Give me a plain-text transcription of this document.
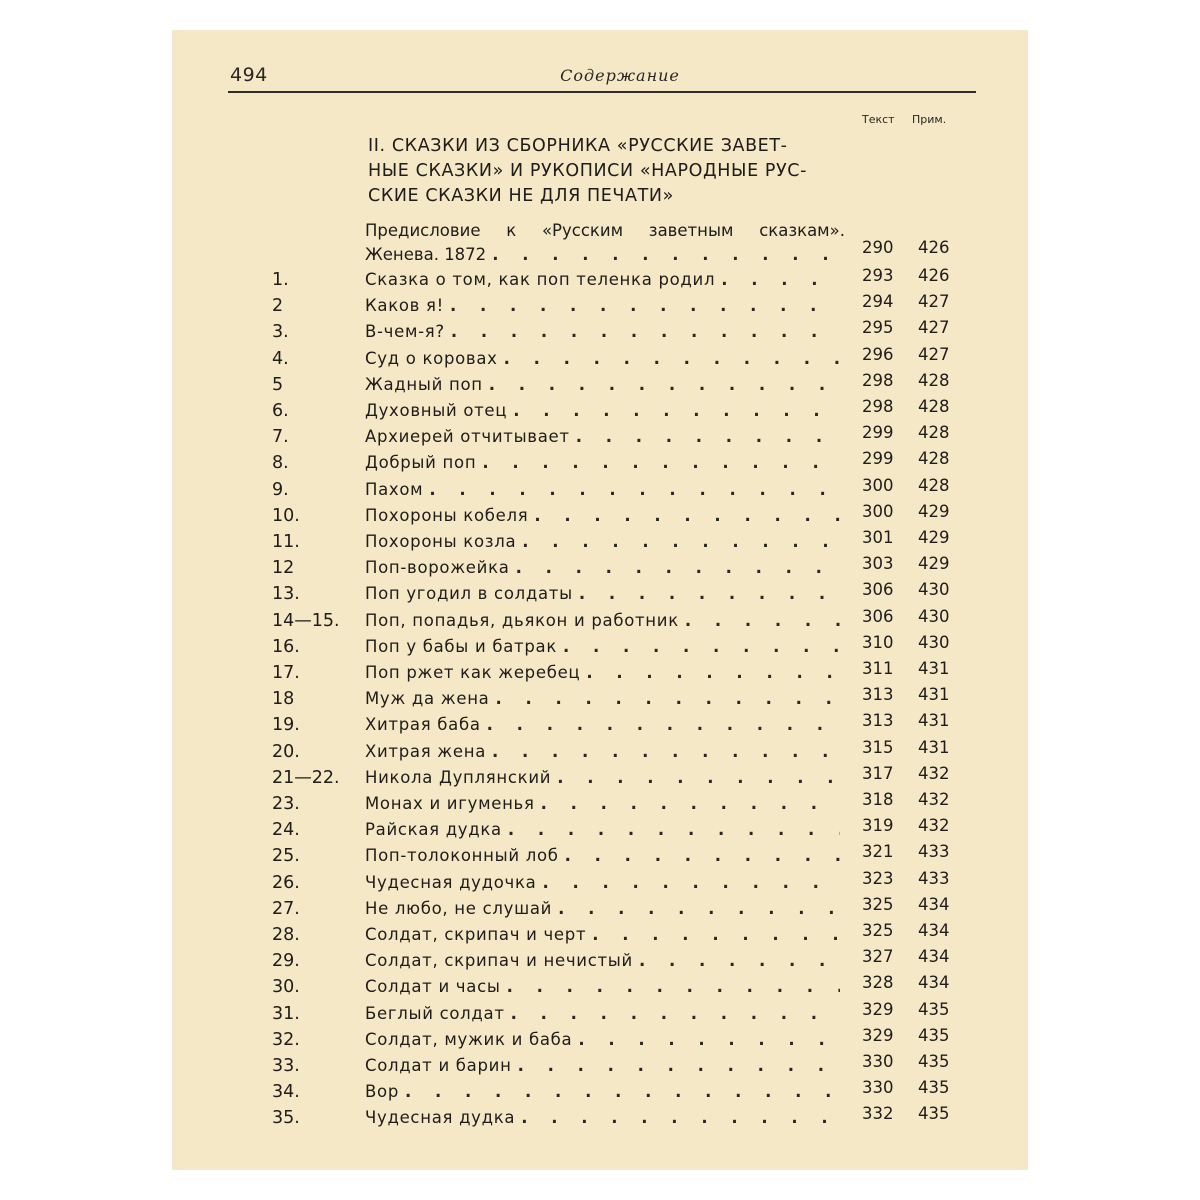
494	Содержание
Текст Прим.
II. СКАЗКИ ИЗ СБОРНИКА «РУССКИЕ ЗАВЕТ-
НЫЕ СКАЗКИ» И РУКОПИСИ «НАРОДНЫЕ РУС-
СКИЕ СКАЗКИ НЕ ДЛЯ ПЕЧАТИ»
Предисловие к «Русским заветным сказкам».
Женева. 1872 . . .	290 426
1.	Сказка о том, как поп теленка родил . . .	293 426
2	Каков я! . . .	294 427
3.	В-чем-я? . . .	295 427
4.	Суд о коровах . . .	296 427
5	Жадный поп . . .	298 428
6.	Духовный отец . . .	298 428
7.	Архиерей отчитывает . . .	299 428
8.	Добрый поп . . .	299 428
9.	Пахом . . .	300 428
10.	Похороны кобеля . . .	300 429
11.	Похороны козла . . .	301 429
12	Поп-ворожейка . . .	303 429
13.	Поп угодил в солдаты . . .	306 430
14—15. Поп, попадья, дьякон и работник . . .	306 430
16.	Поп у бабы и батрак . . .	310 430
17.	Поп ржет как жеребец . . .	311 431
18	Муж да жена . . .	313 431
19.	Хитрая баба . . .	313 431
20.	Хитрая жена . . .	315 431
21—22. Никола Дуплянский . . .	317 432
23.	Монах и игуменья . . .	318 432
24.	Райская дудка . . .	319 432
25.	Поп-толоконный лоб . . .	321 433
26.	Чудесная дудочка . . .	323 433
27.	Не любо, не слушай . . .	325 434
28.	Солдат, скрипач и черт . . .	325 434
29.	Солдат, скрипач и нечистый . . .	327 434
30.	Солдат и часы . . .	328 434
31.	Беглый солдат . . .	329 435
32.	Солдат, мужик и баба . . .	329 435
33.	Солдат и барин . . .	330 435
34.	Вор . . .	330 435
35.	Чудесная дудка . . .	332 435
